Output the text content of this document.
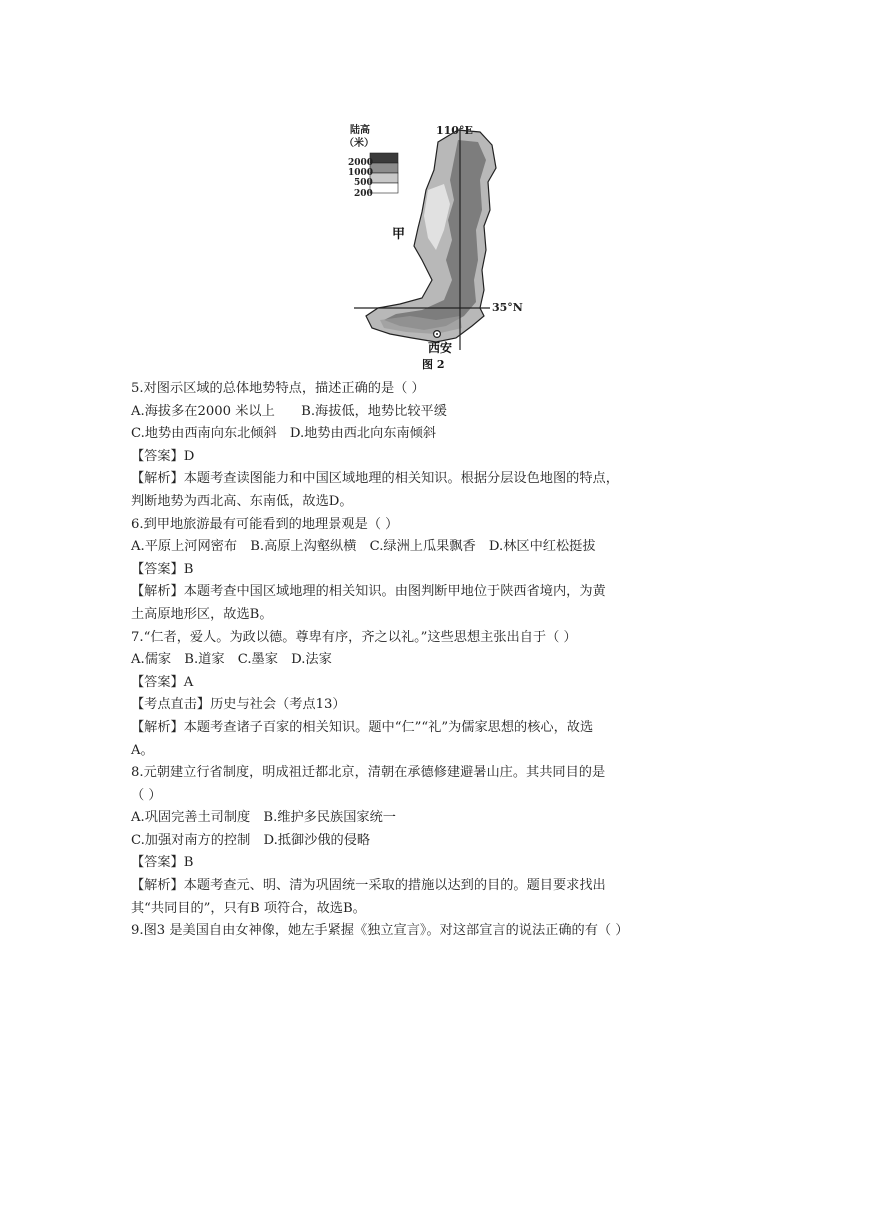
陆高
（米）
2000
1000
500
200
110°E
35°N
甲
西安
图 2
5.对图示区域的总体地势特点，描述正确的是（ ）
A.海拔多在2000 米以上　　B.海拔低，地势比较平缓
C.地势由西南向东北倾斜　D.地势由西北向东南倾斜
【答案】D
【解析】本题考查读图能力和中国区域地理的相关知识。根据分层设色地图的特点，
判断地势为西北高、东南低，故选D。
6.到甲地旅游最有可能看到的地理景观是（ ）
A.平原上河网密布　B.高原上沟壑纵横　C.绿洲上瓜果飘香　D.林区中红松挺拔
【答案】B
【解析】本题考查中国区域地理的相关知识。由图判断甲地位于陕西省境内，为黄
土高原地形区，故选B。
7.“仁者，爱人。为政以德。尊卑有序，齐之以礼。”这些思想主张出自于（ ）
A.儒家　B.道家　C.墨家　D.法家
【答案】A
【考点直击】历史与社会（考点13）
【解析】本题考查诸子百家的相关知识。题中“仁”“礼”为儒家思想的核心，故选
A。
8.元朝建立行省制度，明成祖迁都北京，清朝在承德修建避暑山庄。其共同目的是
（ ）
A.巩固完善土司制度　B.维护多民族国家统一
C.加强对南方的控制　D.抵御沙俄的侵略
【答案】B
【解析】本题考查元、明、清为巩固统一采取的措施以达到的目的。题目要求找出
其“共同目的”，只有B 项符合，故选B。
9.图3 是美国自由女神像，她左手紧握《独立宣言》。对这部宣言的说法正确的有（ ）
